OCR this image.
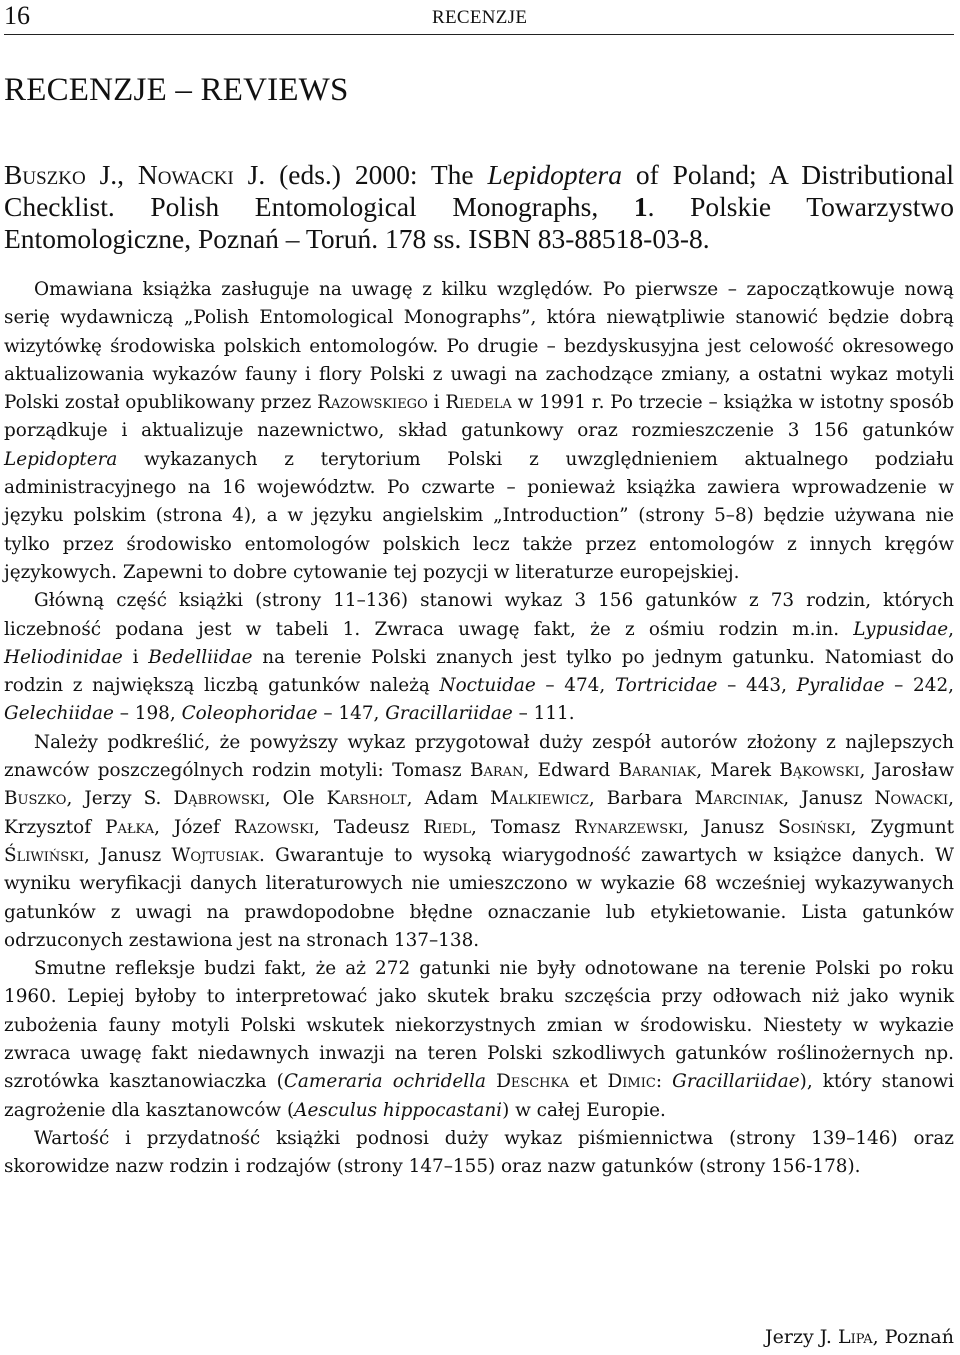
16	RECENZJE
RECENZJE – REVIEWS

Buszko J., Nowacki J. (eds.) 2000: The Lepidoptera of Poland; A Distributional Checklist. Polish Entomological Monographs, 1. Polskie Towarzystwo Entomologiczne, Poznań – Toruń. 178 ss. ISBN 83-88518-03-8.

Omawiana książka zasługuje na uwagę z kilku względów. Po pierwsze – zapoczątkowuje nową serię wydawniczą „Polish Entomological Monographs”, która niewątpliwie stanowić będzie dobrą wizytówkę środowiska polskich entomologów. Po drugie – bezdyskusyjna jest celowość okresowego aktualizowania wykazów fauny i flory Polski z uwagi na zachodzące zmiany, a ostatni wykaz motyli Polski został opublikowany przez Razowskiego i Riedela w 1991 r. Po trzecie – książka w istotny sposób porządkuje i aktualizuje nazewnictwo, skład gatunkowy oraz rozmieszczenie 3 156 gatunków Lepidoptera wykazanych z terytorium Polski z uwzględnieniem aktualnego podziału administracyjnego na 16 województw. Po czwarte – ponieważ książka zawiera wprowadzenie w języku polskim (strona 4), a w języku angielskim „Introduction” (strony 5–8) będzie używana nie tylko przez środowisko entomologów polskich lecz także przez entomologów z innych kręgów językowych. Zapewni to dobre cytowanie tej pozycji w literaturze europejskiej.

Główną część książki (strony 11–136) stanowi wykaz 3 156 gatunków z 73 rodzin, których liczebność podana jest w tabeli 1. Zwraca uwagę fakt, że z ośmiu rodzin m.in. Lypusidae, Heliodinidae i Bedelliidae na terenie Polski znanych jest tylko po jednym gatunku. Natomiast do rodzin z największą liczbą gatunków należą Noctuidae – 474, Tortricidae – 443, Pyralidae – 242, Gelechiidae – 198, Coleophoridae – 147, Gracillariidae – 111.

Należy podkreślić, że powyższy wykaz przygotował duży zespół autorów złożony z najlepszych znawców poszczególnych rodzin motyli: Tomasz Baran, Edward Baraniak, Marek Bąkowski, Jarosław Buszko, Jerzy S. Dąbrowski, Ole Karsholt, Adam Malkiewicz, Barbara Marciniak, Janusz Nowacki, Krzysztof Pałka, Józef Razowski, Tadeusz Riedl, Tomasz Rynarzewski, Janusz Sosiński, Zygmunt Śliwiński, Janusz Wojtusiak. Gwarantuje to wysoką wiarygodność zawartych w książce danych. W wyniku weryfikacji danych literaturowych nie umieszczono w wykazie 68 wcześniej wykazywanych gatunków z uwagi na prawdopodobne błędne oznaczanie lub etykietowanie. Lista gatunków odrzuconych zestawiona jest na stronach 137–138.

Smutne refleksje budzi fakt, że aż 272 gatunki nie były odnotowane na terenie Polski po roku 1960. Lepiej byłoby to interpretować jako skutek braku szczęścia przy odłowach niż jako wynik zubożenia fauny motyli Polski wskutek niekorzystnych zmian w środowisku. Niestety w wykazie zwraca uwagę fakt niedawnych inwazji na teren Polski szkodliwych gatunków roślinożernych np. szrotówka kasztanowiaczka (Cameraria ochridella Deschka et Dimic: Gracillariidae), który stanowi zagrożenie dla kasztanowców (Aesculus hippocastani) w całej Europie.

Wartość i przydatność książki podnosi duży wykaz piśmiennictwa (strony 139–146) oraz skorowidze nazw rodzin i rodzajów (strony 147–155) oraz nazw gatunków (strony 156-178).

Jerzy J. Lipa, Poznań
